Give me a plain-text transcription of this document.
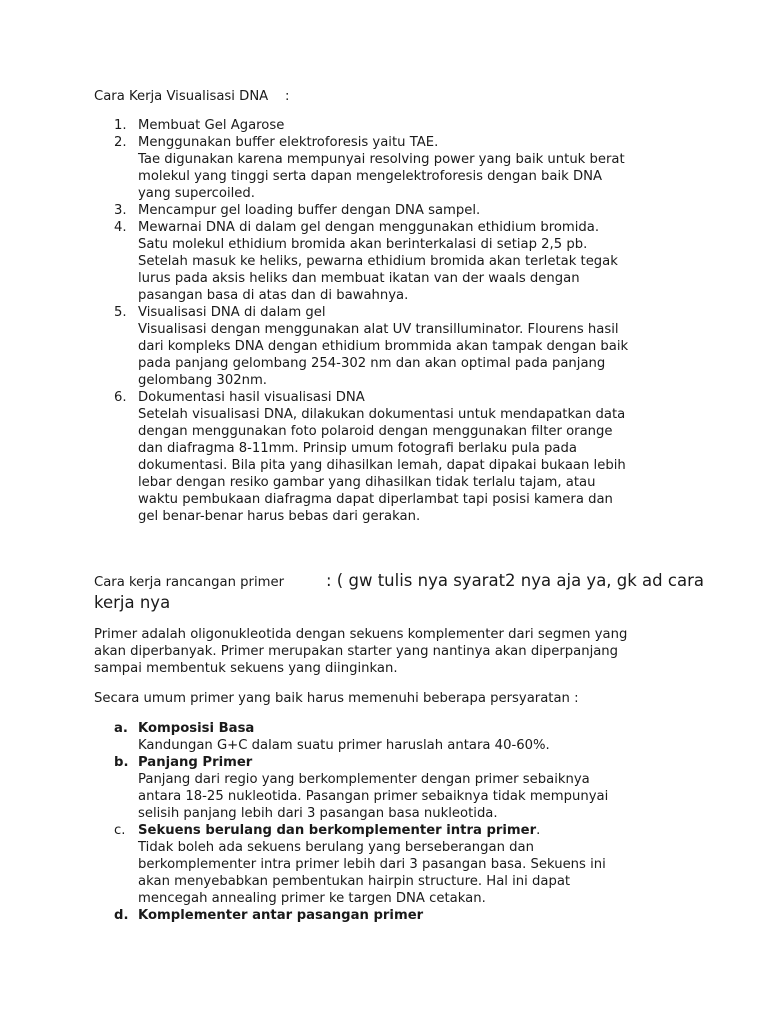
Cara Kerja Visualisasi DNA    :
1. Membuat Gel Agarose
2. Menggunakan buffer elektroforesis yaitu TAE.
Tae digunakan karena mempunyai resolving power yang baik untuk berat
molekul yang tinggi serta dapan mengelektroforesis dengan baik DNA
yang supercoiled.
3. Mencampur gel loading buffer dengan DNA sampel.
4. Mewarnai DNA di dalam gel dengan menggunakan ethidium bromida.
Satu molekul ethidium bromida akan berinterkalasi di setiap 2,5 pb.
Setelah masuk ke heliks, pewarna ethidium bromida akan terletak tegak
lurus pada aksis heliks dan membuat ikatan van der waals dengan
pasangan basa di atas dan di bawahnya.
5. Visualisasi DNA di dalam gel
Visualisasi dengan menggunakan alat UV transilluminator. Flourens hasil
dari kompleks DNA dengan ethidium brommida akan tampak dengan baik
pada panjang gelombang 254-302 nm dan akan optimal pada panjang
gelombang 302nm.
6. Dokumentasi hasil visualisasi DNA
Setelah visualisasi DNA, dilakukan dokumentasi untuk mendapatkan data
dengan menggunakan foto polaroid dengan menggunakan filter orange
dan diafragma 8-11mm. Prinsip umum fotografi berlaku pula pada
dokumentasi. Bila pita yang dihasilkan lemah, dapat dipakai bukaan lebih
lebar dengan resiko gambar yang dihasilkan tidak terlalu tajam, atau
waktu pembukaan diafragma dapat diperlambat tapi posisi kamera dan
gel benar-benar harus bebas dari gerakan.
Cara kerja rancangan primer	: ( gw tulis nya syarat2 nya aja ya, gk ad cara kerja nya
Primer adalah oligonukleotida dengan sekuens komplementer dari segmen yang
akan diperbanyak. Primer merupakan starter yang nantinya akan diperpanjang
sampai membentuk sekuens yang diinginkan.
Secara umum primer yang baik harus memenuhi beberapa persyaratan :
a. Komposisi Basa
Kandungan G+C dalam suatu primer haruslah antara 40-60%.
b. Panjang Primer
Panjang dari regio yang berkomplementer dengan primer sebaiknya
antara 18-25 nukleotida. Pasangan primer sebaiknya tidak mempunyai
selisih panjang lebih dari 3 pasangan basa nukleotida.
c. Sekuens berulang dan berkomplementer intra primer.
Tidak boleh ada sekuens berulang yang berseberangan dan
berkomplementer intra primer lebih dari 3 pasangan basa. Sekuens ini
akan menyebabkan pembentukan hairpin structure. Hal ini dapat
mencegah annealing primer ke targen DNA cetakan.
d. Komplementer antar pasangan primer
